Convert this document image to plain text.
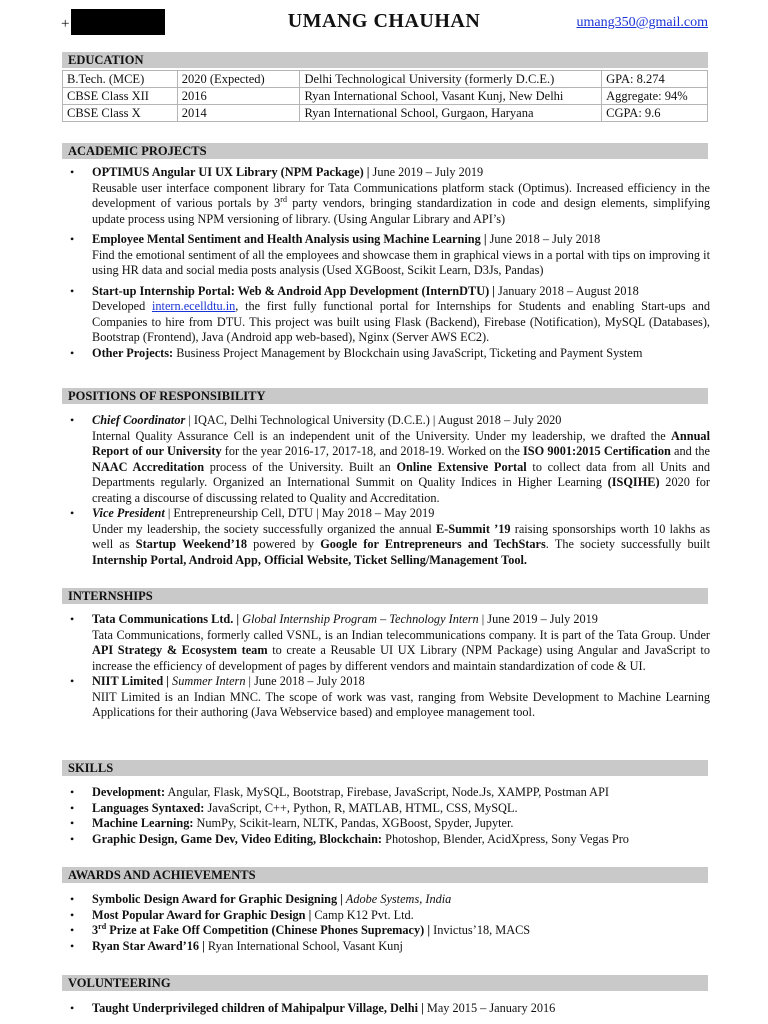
+	UMANG CHAUHAN	umang350@gmail.com
EDUCATION
B.Tech. (MCE)	2020 (Expected)	Delhi Technological University (formerly D.C.E.)	GPA: 8.274
CBSE Class XII	2016	Ryan International School, Vasant Kunj, New Delhi	Aggregate: 94%
CBSE Class X	2014	Ryan International School, Gurgaon, Haryana	CGPA: 9.6
ACADEMIC PROJECTS
• OPTIMUS Angular UI UX Library (NPM Package) | June 2019 – July 2019
Reusable user interface component library for Tata Communications platform stack (Optimus). Increased efficiency in the development of various portals by 3rd party vendors, bringing standardization in code and design elements, simplifying update process using NPM versioning of library. (Using Angular Library and API’s)
• Employee Mental Sentiment and Health Analysis using Machine Learning | June 2018 – July 2018
Find the emotional sentiment of all the employees and showcase them in graphical views in a portal with tips on improving it using HR data and social media posts analysis (Used XGBoost, Scikit Learn, D3Js, Pandas)
• Start-up Internship Portal: Web & Android App Development (InternDTU) | January 2018 – August 2018
Developed intern.ecelldtu.in, the first fully functional portal for Internships for Students and enabling Start-ups and Companies to hire from DTU. This project was built using Flask (Backend), Firebase (Notification), MySQL (Databases), Bootstrap (Frontend), Java (Android app web-based), Nginx (Server AWS EC2).
• Other Projects: Business Project Management by Blockchain using JavaScript, Ticketing and Payment System
POSITIONS OF RESPONSIBILITY
• Chief Coordinator | IQAC, Delhi Technological University (D.C.E.) | August 2018 – July 2020
Internal Quality Assurance Cell is an independent unit of the University. Under my leadership, we drafted the Annual Report of our University for the year 2016-17, 2017-18, and 2018-19. Worked on the ISO 9001:2015 Certification and the NAAC Accreditation process of the University. Built an Online Extensive Portal to collect data from all Units and Departments regularly. Organized an International Summit on Quality Indices in Higher Learning (ISQIHE) 2020 for creating a discourse of discussing related to Quality and Accreditation.
• Vice President | Entrepreneurship Cell, DTU | May 2018 – May 2019
Under my leadership, the society successfully organized the annual E-Summit ’19 raising sponsorships worth 10 lakhs as well as Startup Weekend’18 powered by Google for Entrepreneurs and TechStars. The society successfully built Internship Portal, Android App, Official Website, Ticket Selling/Management Tool.
INTERNSHIPS
• Tata Communications Ltd. | Global Internship Program – Technology Intern | June 2019 – July 2019
Tata Communications, formerly called VSNL, is an Indian telecommunications company. It is part of the Tata Group. Under API Strategy & Ecosystem team to create a Reusable UI UX Library (NPM Package) using Angular and JavaScript to increase the efficiency of development of pages by different vendors and maintain standardization of code & UI.
• NIIT Limited | Summer Intern | June 2018 – July 2018
NIIT Limited is an Indian MNC. The scope of work was vast, ranging from Website Development to Machine Learning Applications for their authoring (Java Webservice based) and employee management tool.
SKILLS
• Development: Angular, Flask, MySQL, Bootstrap, Firebase, JavaScript, Node.Js, XAMPP, Postman API
• Languages Syntaxed: JavaScript, C++, Python, R, MATLAB, HTML, CSS, MySQL.
• Machine Learning: NumPy, Scikit-learn, NLTK, Pandas, XGBoost, Spyder, Jupyter.
• Graphic Design, Game Dev, Video Editing, Blockchain: Photoshop, Blender, AcidXpress, Sony Vegas Pro
AWARDS AND ACHIEVEMENTS
• Symbolic Design Award for Graphic Designing | Adobe Systems, India
• Most Popular Award for Graphic Design | Camp K12 Pvt. Ltd.
• 3rd Prize at Fake Off Competition (Chinese Phones Supremacy) | Invictus’18, MACS
• Ryan Star Award’16 | Ryan International School, Vasant Kunj
VOLUNTEERING
• Taught Underprivileged children of Mahipalpur Village, Delhi | May 2015 – January 2016
